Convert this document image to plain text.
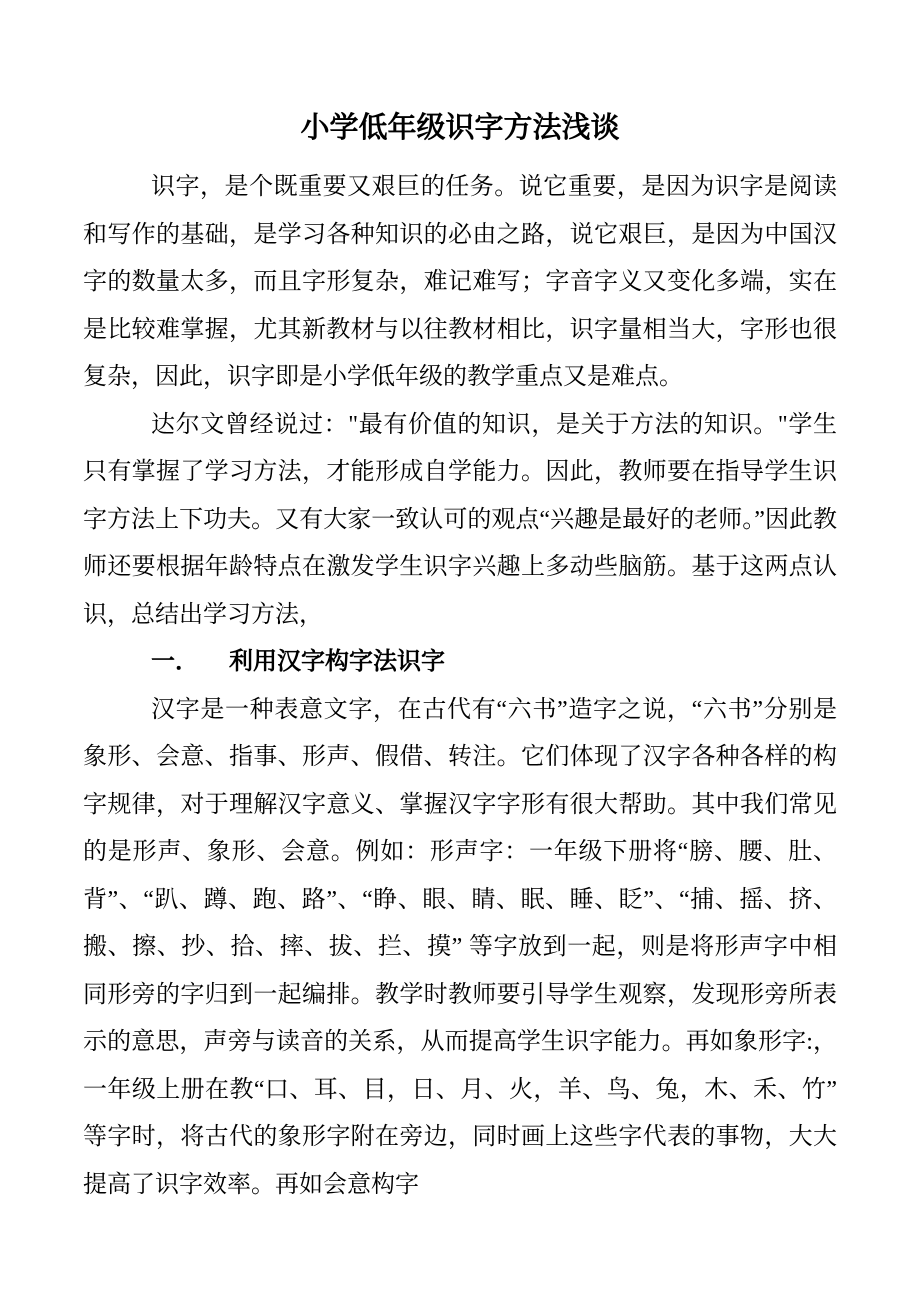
小学低年级识字方法浅谈

识字，是个既重要又艰巨的任务。说它重要，是因为识字是阅读和写作的基础，是学习各种知识的必由之路，说它艰巨，是因为中国汉字的数量太多，而且字形复杂，难记难写；字音字义又变化多端，实在是比较难掌握，尤其新教材与以往教材相比，识字量相当大，字形也很复杂，因此，识字即是小学低年级的教学重点又是难点。

达尔文曾经说过："最有价值的知识，是关于方法的知识。"学生只有掌握了学习方法，才能形成自学能力。因此，教师要在指导学生识字方法上下功夫。又有大家一致认可的观点“兴趣是最好的老师。”因此教师还要根据年龄特点在激发学生识字兴趣上多动些脑筋。基于这两点认识，总结出学习方法，

一． 利用汉字构字法识字

汉字是一种表意文字，在古代有“六书”造字之说，“六书”分别是象形、会意、指事、形声、假借、转注。它们体现了汉字各种各样的构字规律，对于理解汉字意义、掌握汉字字形有很大帮助。其中我们常见的是形声、象形、会意。例如：形声字：一年级下册将“膀、腰、肚、背”、“趴、蹲、跑、路”、“睁、眼、睛、眠、睡、眨”、“捕、摇、挤、搬、擦、抄、拾、摔、拔、拦、摸” 等字放到一起，则是将形声字中相同形旁的字归到一起编排。教学时教师要引导学生观察，发现形旁所表示的意思，声旁与读音的关系，从而提高学生识字能力。再如象形字:，一年级上册在教“口、耳、目，日、月、火，羊、鸟、兔，木、禾、竹”等字时，将古代的象形字附在旁边，同时画上这些字代表的事物，大大提高了识字效率。再如会意构字
